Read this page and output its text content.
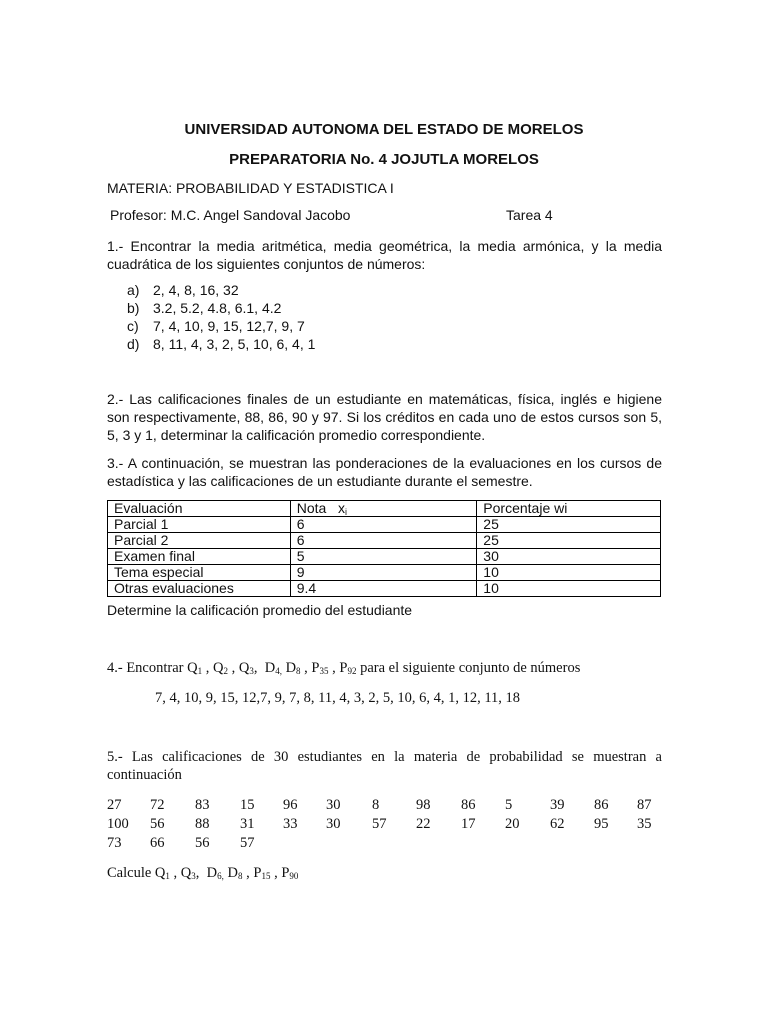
UNIVERSIDAD AUTONOMA DEL ESTADO DE MORELOS
PREPARATORIA No. 4 JOJUTLA MORELOS
MATERIA: PROBABILIDAD Y ESTADISTICA I
Profesor: M.C. Angel Sandoval Jacobo	Tarea 4
1.- Encontrar la media aritmética, media geométrica, la media armónica, y la media cuadrática de los siguientes conjuntos de números:
a) 2, 4, 8, 16, 32
b) 3.2, 5.2, 4.8, 6.1, 4.2
c) 7, 4, 10, 9, 15, 12,7, 9, 7
d) 8, 11, 4, 3, 2, 5, 10, 6, 4, 1
2.- Las calificaciones finales de un estudiante en matemáticas, física, inglés e higiene son respectivamente, 88, 86, 90 y 97. Si los créditos en cada uno de estos cursos son 5, 5, 3 y 1, determinar la calificación promedio correspondiente.
3.- A continuación, se muestran las ponderaciones de la evaluaciones en los cursos de estadística y las calificaciones de un estudiante durante el semestre.
Evaluación	Nota $x_i$	Porcentaje wi
Parcial 1	6	25
Parcial 2	6	25
Examen final	5	30
Tema especial	9	10
Otras evaluaciones	9.4	10
Determine la calificación promedio del estudiante
4.- Encontrar $Q_1$ , $Q_2$ , $Q_3$,  $D_{4,}$ $D_8$ , $P_{35}$ , $P_{92}$ para el siguiente conjunto de números
7, 4, 10, 9, 15, 12,7, 9, 7, 8, 11, 4, 3, 2, 5, 10, 6, 4, 1, 12, 11, 18
5.- Las calificaciones de 30 estudiantes en la materia de probabilidad se muestran a continuación
27	72	83	15	96	30	8	98	86	5	39	86	87
100	56	88	31	33	30	57	22	17	20	62	95	35
73	66	56	57
Calcule $Q_1$ , $Q_3$,  $D_{6,}$ $D_8$ , $P_{15}$ , $P_{90}$
